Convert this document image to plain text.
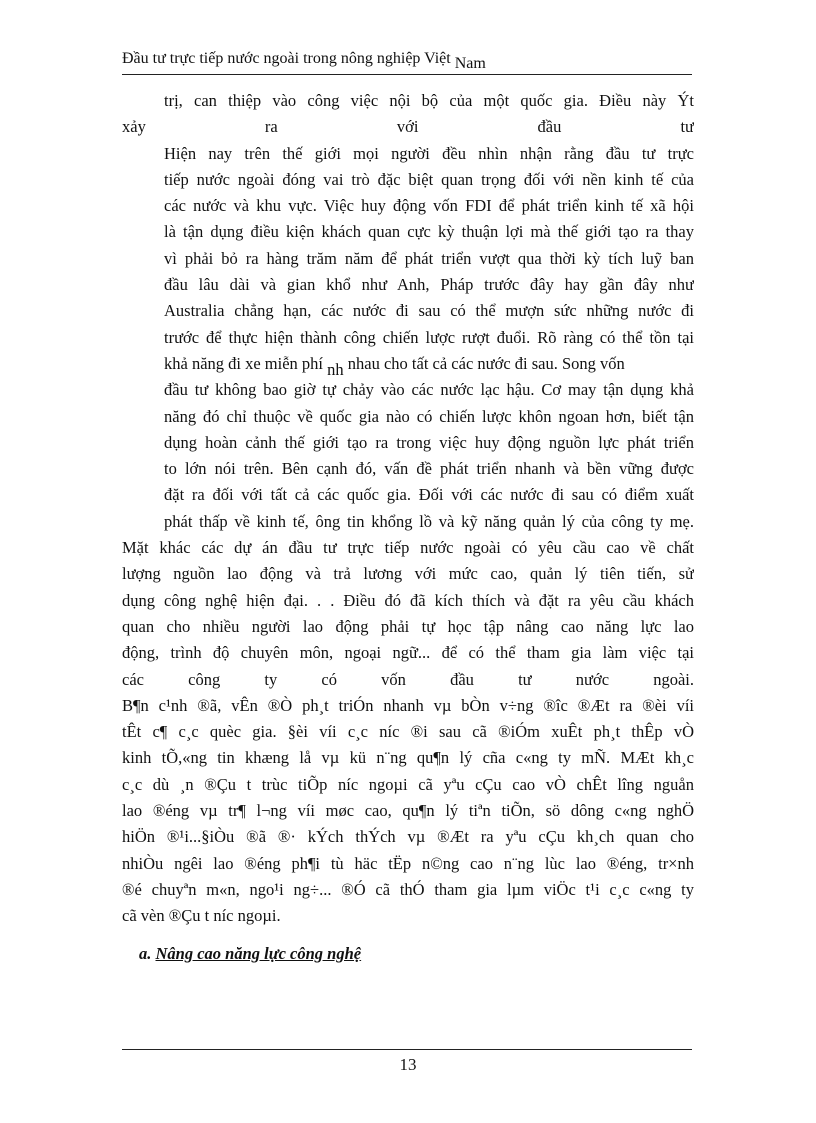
Đầu tư trực tiếp nước ngoài trong nông nghiệp Việt Nam
trị, can thiệp vào công việc nội bộ của một quốc gia. Điều này Ýt
xảy ra với đầu tư
Hiện nay trên thế giới mọi người đều nhìn nhận rằng đầu tư trực
tiếp nước ngoài đóng vai trò đặc biệt quan trọng đối với nền kinh tế của
các nước và khu vực. Việc huy động vốn FDI để phát triển kinh tế xã hội
là tận dụng điều kiện khách quan cực kỳ thuận lợi mà thế giới tạo ra thay
vì phải bỏ ra hàng trăm năm để phát triển vượt qua thời kỳ tích luỹ ban
đầu lâu dài và gian khổ như Anh, Pháp trước đây hay gần đây như
Australia chẳng hạn, các nước đi sau có thể mượn sức những nước đi
trước để thực hiện thành công chiến lược rượt đuổi. Rõ ràng có thể tồn tại
khả năng đi xe miễn phí nh nhau cho tất cả các nước đi sau. Song vốn
đầu tư không bao giờ tự chảy vào các nước lạc hậu. Cơ may tận dụng khả
năng đó chỉ thuộc về quốc gia nào có chiến lược khôn ngoan hơn, biết tận
dụng hoàn cảnh thế giới tạo ra trong việc huy động nguồn lực phát triển
to lớn nói trên. Bên cạnh đó, vấn đề phát triển nhanh và bền vững được
đặt ra đối với tất cả các quốc gia. Đối với các nước đi sau có điểm xuất
phát thấp về kinh tế, ông tin khổng lồ và kỹ năng quản lý của công ty mẹ.
Mặt khác các dự án đầu tư trực tiếp nước ngoài có yêu cầu cao về chất
lượng nguồn lao động và trả lương với mức cao, quản lý tiên tiến, sử
dụng công nghệ hiện đại. . . Điều đó đã kích thích và đặt ra yêu cầu khách
quan cho nhiều người lao động phải tự học tập nâng cao năng lực lao
động, trình độ chuyên môn, ngoại ngữ... để có thể tham gia làm việc tại
các công ty có vốn đầu tư nước ngoài.
B¶n c¹nh ®ã, vÊn ®Ò ph¸t triÓn nhanh vµ bÒn v÷ng ®îc ®Æt ra ®èi víi
tÊt c¶ c¸c quèc gia. §èi víi c¸c níc ®i sau cã ®iÓm xuÊt ph¸t thÊp vÒ
kinh tÕ,«ng tin khæng lå vµ kü n¨ng qu¶n lý cña c«ng ty mÑ. MÆt kh¸c
c¸c dù ¸n ®Çu t trùc tiÕp níc ngoµi cã yªu cÇu cao vÒ chÊt lîng nguån
lao ®éng vµ tr¶ l¬ng víi møc cao, qu¶n lý tiªn tiÕn, sö dông c«ng nghÖ
hiÖn ®¹i...§iÒu ®ã ®· kÝch thÝch vµ ®Æt ra yªu cÇu kh¸ch quan cho
nhiÒu ngêi lao ®éng ph¶i tù häc tËp n©ng cao n¨ng lùc lao ®éng, tr×nh
®é chuyªn m«n, ngo¹i ng÷... ®Ó cã thÓ tham gia lµm viÖc t¹i c¸c c«ng ty
cã vèn ®Çu t níc ngoµi.
a. Nâng cao năng lực công nghệ
13
